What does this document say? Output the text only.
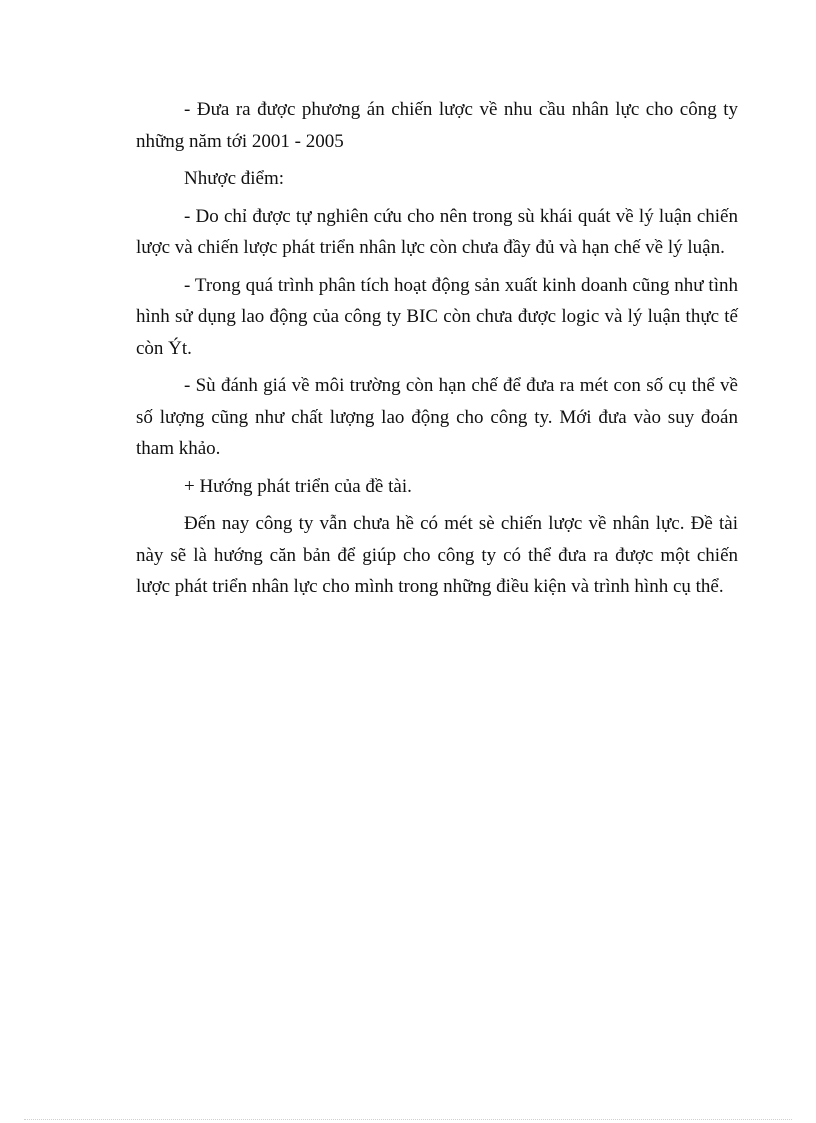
- Đưa ra được phương án chiến lược về nhu cầu nhân lực cho công ty những năm tới 2001 - 2005

Nhược điểm:

- Do chỉ được tự nghiên cứu cho nên trong sù khái quát về lý luận chiến lược và chiến lược phát triển nhân lực còn chưa đầy đủ và hạn chế về lý luận.

- Trong quá trình phân tích hoạt động sản xuất kinh doanh cũng như tình hình sử dụng lao động của công ty BIC còn chưa được logic và lý luận thực tế còn Ýt.

- Sù đánh giá về môi trường còn hạn chế để đưa ra mét con số cụ thể về số lượng cũng như chất lượng lao động cho công ty. Mới đưa vào suy đoán tham khảo.

+ Hướng phát triển của đề tài.

Đến nay công ty vẫn chưa hề có mét sè chiến lược về nhân lực. Đề tài này sẽ là hướng căn bản để giúp cho công ty có thể đưa ra được một chiến lược phát triển nhân lực cho mình trong những điều kiện và trình hình cụ thể.
